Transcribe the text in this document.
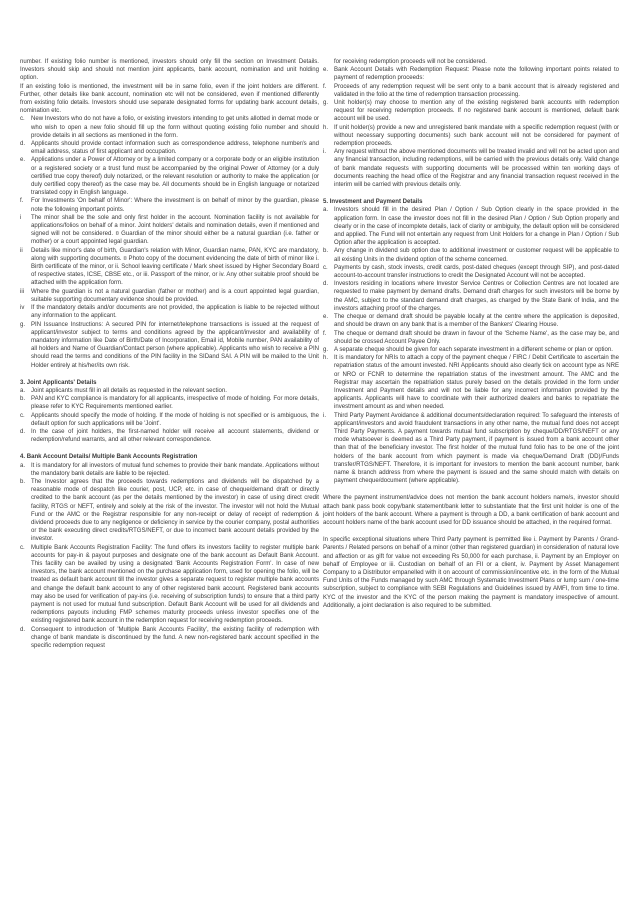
number. If existing folio number is mentioned, investors should only fill the section on Investment Details. Investors should skip and should not mention joint applicants, bank account, nomination and unit holding option.
If an existing folio is mentioned, the investment will be in same folio, even if the joint holders are different. Further, other details like bank account, nomination etc will not be considered, even if mentioned differently from existing folio details. Investors should use separate designated forms for updating bank account details, nomination etc.
c.	New Investors who do not have a folio, or existing investors intending to get units allotted in demat mode or who wish to open a new folio should fill up the form without quoting existing folio number and should provide details in all sections as mentioned in the form.
d. Applicants should provide contact information such as correspondence address, telephone number/s and email address, status of first applicant and occupation.
e. Applications under a Power of Attorney or by a limited company or a corporate body or an eligible institution or a registered society or a trust fund must be accompanied by the original Power of Attorney (or a duly certified true copy thereof) duly notarized, or the relevant resolution or authority to make the application (or duly certified copy thereof) as the case may be. All documents should be in English language or notarized translated copy in English language.
f.	For Investments 'On behalf of Minor': Where the investment is on behalf of minor by the guardian, please note the following important points.
i	The minor shall be the sole and only first holder in the account. Nomination facility is not available for applications/folios on behalf of a minor. Joint holders' details and nomination details, even if mentioned and signed will not be considered. ¤ Guardian of the minor should either be a natural guardian (i.e. father or mother) or a court appointed legal guardian.
ii	Details like minor's date of birth, Guardian's relation with Minor, Guardian name, PAN, KYC are mandatory, along with supporting documents. ¤ Photo copy of the document evidencing the date of birth of minor like i. Birth certificate of the minor, or ii. School leaving certificate / Mark sheet issued by Higher Secondary Board of respective states, ICSE, CBSE etc., or iii. Passport of the minor, or iv. Any other suitable proof should be attached with the application form.
iii	Where the guardian is not a natural guardian (father or mother) and is a court appointed legal guardian, suitable supporting documentary evidence should be provided.
iv	If the mandatory details and/or documents are not provided, the application is liable to be rejected without any information to the applicant.
g. PIN Issuance Instructions: A secured PIN for internet/telephone transactions is issued at the request of applicant/investor subject to terms and conditions agreed by the applicant/investor and availability of mandatory information like Date of Birth/Date of Incorporation, Email id, Mobile number, PAN availability of all holders and Name of Guardian/Contact person (where applicable). Applicants who wish to receive a PIN should read the terms and conditions of the PIN facility in the SIDand SAI. A PIN will be mailed to the Unit Holder entirely at his/her/its own risk.
3. Joint Applicants' Details
a. Joint applicants must fill in all details as requested in the relevant section.
b. PAN and KYC compliance is mandatory for all applicants, irrespective of mode of holding. For more details, please refer to KYC Requirements mentioned earlier.
c.	Applicants should specify the mode of holding. If the mode of holding is not specified or is ambiguous, the default option for such applications will be 'Joint'.
d. In the case of joint holders, the first-named holder will receive all account statements, dividend or redemption/refund warrants, and all other relevant correspondence.
4. Bank Account Details/ Multiple Bank Accounts Registration
a. It is mandatory for all investors of mutual fund schemes to provide their bank mandate. Applications without the mandatory bank details are liable to be rejected.
b. The Investor agrees that the proceeds towards redemptions and dividends will be dispatched by a reasonable mode of despatch like courier, post, UCP, etc. in case of cheque/demand draft or directly credited to the bank account (as per the details mentioned by the investor) in case of using direct credit facility, RTGS or NEFT, entirely and solely at the risk of the investor. The investor will not hold the Mutual Fund or the AMC or the Registrar responsible for any non-receipt or delay of receipt of redemption & dividend proceeds due to any negligence or deficiency in service by the courier company, postal authorities or the bank executing direct credits/RTGS/NEFT, or due to incorrect bank account details provided by the investor.
c.	Multiple Bank Accounts Registration Facility: The fund offers its investors facility to register multiple bank accounts for pay-in & payout purposes and designate one of the bank account as Default Bank Account. This facility can be availed by using a designated 'Bank Accounts Registration Form'. In case of new investors, the bank account mentioned on the purchase application form, used for opening the folio, will be treated as default bank account till the investor gives a separate request to register multiple bank accounts and change the default bank account to any of other registered bank account. Registered bank accounts may also be used for verification of pay-ins (i.e. receiving of subscription funds) to ensure that a third party payment is not used for mutual fund subscription. Default Bank Account will be used for all dividends and redemptions payouts including FMP schemes maturity proceeds unless investor specifies one of the existing registered bank account in the redemption request for receiving redemption proceeds.
d. Consequent to introduction of 'Multiple Bank Accounts Facility', the existing facility of redemption with change of bank mandate is discontinued by the fund. A new non-registered bank account specified in the specific redemption request
for receiving redemption proceeds will not be considered.
e. Bank Account Details with Redemption Request: Please note the following important points related to payment of redemption proceeds:
f.	Proceeds of any redemption request will be sent only to a bank account that is already registered and validated in the folio at the time of redemption transaction processing.
g. Unit holder(s) may choose to mention any of the existing registered bank accounts with redemption request for receiving redemption proceeds. If no registered bank account is mentioned, default bank account will be used.
h. If unit holder(s) provide a new and unregistered bank mandate with a specific redemption request (with or without necessary supporting documents) such bank account will not be considered for payment of redemption proceeds.
i.	Any request without the above mentioned documents will be treated invalid and will not be acted upon and any financial transaction, including redemptions, will be carried with the previous details only. Valid change of bank mandate requests with supporting documents will be processed within ten working days of documents reaching the head office of the Registrar and any financial transaction request received in the interim will be carried with previous details only.
5. Investment and Payment Details
a. Investors should fill in the desired Plan / Option / Sub Option clearly in the space provided in the application form. In case the investor does not fill in the desired Plan / Option / Sub Option properly and clearly or in the case of incomplete details, lack of clarity or ambiguity, the default option will be considered and applied. The Fund will not entertain any request from Unit Holders for a change in Plan / Option / Sub Option after the application is accepted.
b. Any change in dividend sub option due to additional investment or customer request will be applicable to all existing Units in the dividend option of the scheme concerned.
c.	Payments by cash, stock invests, credit cards, post-dated cheques (except through SIP), and post-dated account-to-account transfer instructions to credit the Designated Account will not be accepted.
d. Investors residing in locations where Investor Service Centres or Collection Centres are not located are requested to make payment by demand drafts. Demand draft charges for such investors will be borne by the AMC, subject to the standard demand draft charges, as charged by the State Bank of India, and the investors attaching proof of the charges.
e. The cheque or demand draft should be payable locally at the centre where the application is deposited, and should be drawn on any bank that is a member of the Bankers' Clearing House.
f.	The cheque or demand draft should be drawn in favour of the 'Scheme Name', as the case may be, and should be crossed Account Payee Only.
g. A separate cheque should be given for each separate investment in a different scheme or plan or option.
h. It is mandatory for NRIs to attach a copy of the payment cheque / FIRC / Debit Certificate to ascertain the repatriation status of the amount invested. NRI Applicants should also clearly tick on account type as NRE or NRO or FCNR to determine the repatriation status of the investment amount. The AMC and the Registrar may ascertain the repatriation status purely based on the details provided in the form under Investment and Payment details and will not be liable for any incorrect information provided by the applicants. Applicants will have to coordinate with their authorized dealers and banks to repatriate the investment amount as and when needed.
i.	Third Party Payment Avoidance & additional documents/declaration required: To safeguard the interests of applicant/investors and avoid fraudulent transactions in any other name, the mutual fund does not accept Third Party Payments. A payment towards mutual fund subscription by cheque/DD/RTGS/NEFT or any mode whatsoever is deemed as a Third Party payment, if payment is issued from a bank account other than that of the beneficiary investor. The first holder of the mutual fund folio has to be one of the joint holders of the bank account from which payment is made via cheque/Demand Draft (DD)/Funds transfer/RTGS/NEFT. Therefore, it is important for investors to mention the bank account number, bank name & branch address from where the payment is issued and the same should match with details on payment cheque/document (where applicable).
Where the payment instrument/advice does not mention the bank account holders name/s, investor should attach bank pass book copy/bank statement/bank letter to substantiate that the first unit holder is one of the joint holders of the bank account. Where a payment is through a DD, a bank certification of bank account and account holders name of the bank account used for DD issuance should be attached, in the required format.
In specific exceptional situations where Third Party payment is permitted like i. Payment by Parents / Grand-Parents / Related persons on behalf of a minor (other than registered guardian) in consideration of natural love and affection or as gift for value not exceeding Rs 50,000 for each purchase, ii. Payment by an Employer on behalf of Employee or iii. Custodian on behalf of an FII or a client, iv. Payment by Asset Management Company to a Distributor empanelled with it on account of commission/incentive etc. in the form of the Mutual Fund Units of the Funds managed by such AMC through Systematic Investment Plans or lump sum / one-time subscription, subject to compliance with SEBI Regulations and Guidelines issued by AMFI, from time to time. KYC of the investor and the KYC of the person making the payment is mandatory irrespective of amount. Additionally, a joint declaration is also required to be submitted.
